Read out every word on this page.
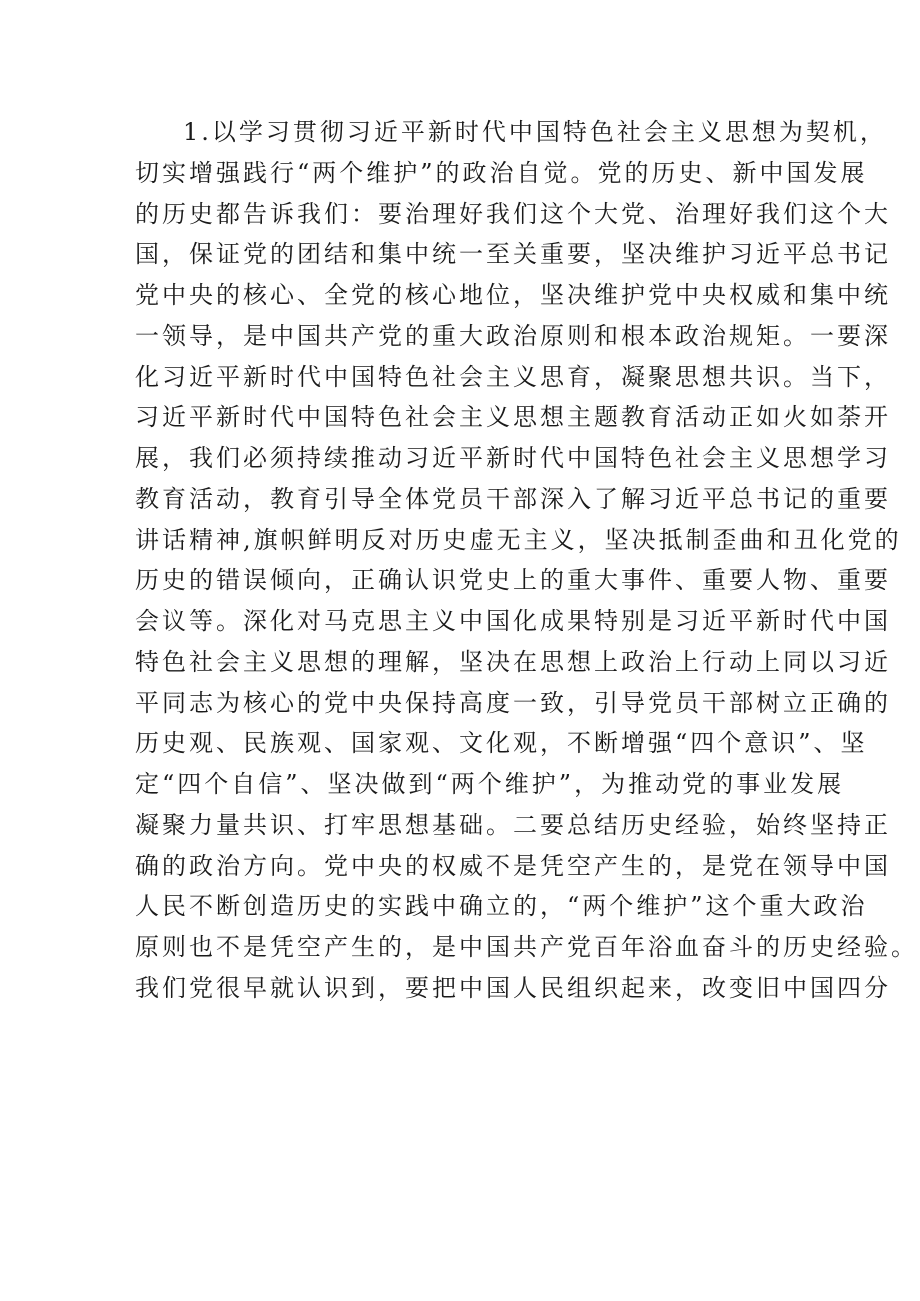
1.以学习贯彻习近平新时代中国特色社会主义思想为契机，
切实增强践行“两个维护”的政治自觉。党的历史、新中国发展
的历史都告诉我们：要治理好我们这个大党、治理好我们这个大
国，保证党的团结和集中统一至关重要，坚决维护习近平总书记
党中央的核心、全党的核心地位，坚决维护党中央权威和集中统
一领导，是中国共产党的重大政治原则和根本政治规矩。一要深
化习近平新时代中国特色社会主义思育，凝聚思想共识。当下，
习近平新时代中国特色社会主义思想主题教育活动正如火如荼开
展，我们必须持续推动习近平新时代中国特色社会主义思想学习
教育活动，教育引导全体党员干部深入了解习近平总书记的重要
讲话精神,旗帜鲜明反对历史虚无主义，坚决抵制歪曲和丑化党的
历史的错误倾向，正确认识党史上的重大事件、重要人物、重要
会议等。深化对马克思主义中国化成果特别是习近平新时代中国
特色社会主义思想的理解，坚决在思想上政治上行动上同以习近
平同志为核心的党中央保持高度一致，引导党员干部树立正确的
历史观、民族观、国家观、文化观，不断增强“四个意识”、坚
定“四个自信”、坚决做到“两个维护”，为推动党的事业发展
凝聚力量共识、打牢思想基础。二要总结历史经验，始终坚持正
确的政治方向。党中央的权威不是凭空产生的，是党在领导中国
人民不断创造历史的实践中确立的，“两个维护”这个重大政治
原则也不是凭空产生的，是中国共产党百年浴血奋斗的历史经验。
我们党很早就认识到，要把中国人民组织起来，改变旧中国四分
